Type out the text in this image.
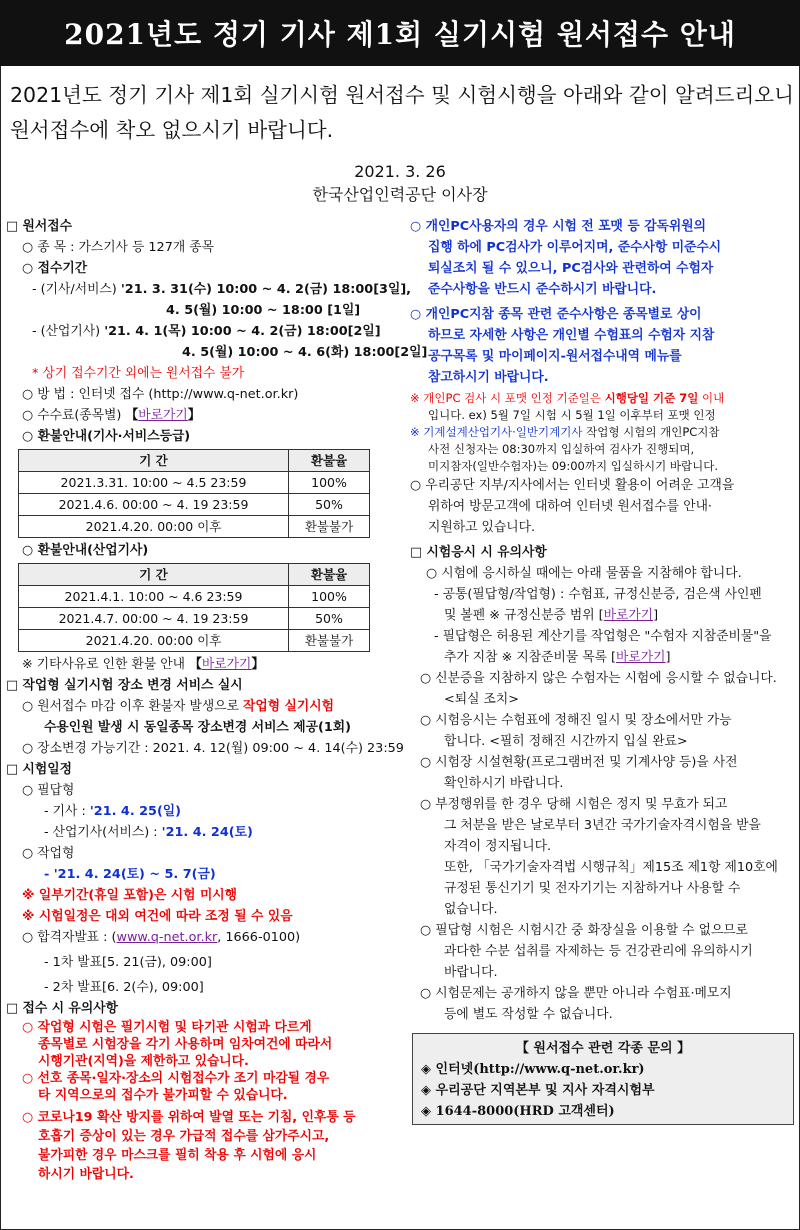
2021년도 정기 기사 제1회 실기시험 원서접수 안내
2021년도 정기 기사 제1회 실기시험 원서접수 및 시험시행을 아래와 같이 알려드리오니 원서접수에 착오 없으시기 바랍니다.
2021. 3. 26
한국산업인력공단 이사장
□ 원서접수
○ 종 목 : 가스기사 등 127개 종목
○ 접수기간
- (기사/서비스) '21. 3. 31(수) 10:00 ~ 4. 2(금) 18:00[3일],
4. 5(월) 10:00 ~ 18:00 [1일]
- (산업기사) '21. 4. 1(목) 10:00 ~ 4. 2(금) 18:00[2일]
4. 5(월) 10:00 ~ 4. 6(화) 18:00[2일]
* 상기 접수기간 외에는 원서접수 불가
○ 방 법 : 인터넷 접수 (http://www.q-net.or.kr)
○ 수수료(종목별) 【바로가기】
○ 환불안내(기사·서비스등급)
기 간	환불율
2021.3.31. 10:00 ~ 4.5 23:59	100%
2021.4.6. 00:00 ~ 4. 19 23:59	50%
2021.4.20. 00:00 이후	환불불가
○ 환불안내(산업기사)
기 간	환불율
2021.4.1. 10:00 ~ 4.6 23:59	100%
2021.4.7. 00:00 ~ 4. 19 23:59	50%
2021.4.20. 00:00 이후	환불불가
※ 기타사유로 인한 환불 안내 【바로가기】
□ 작업형 실기시험 장소 변경 서비스 실시
○ 원서접수 마감 이후 환불자 발생으로 작업형 실기시험
수용인원 발생 시 동일종목 장소변경 서비스 제공(1회)
○ 장소변경 가능기간 : 2021. 4. 12(월) 09:00 ~ 4. 14(수) 23:59
□ 시험일정
○ 필답형
- 기사 : '21. 4. 25(일)
- 산업기사(서비스) : '21. 4. 24(토)
○ 작업형
- '21. 4. 24(토) ~ 5. 7(금)
※ 일부기간(휴일 포함)은 시험 미시행
※ 시험일정은 대외 여건에 따라 조정 될 수 있음
○ 합격자발표 : (www.q-net.or.kr, 1666-0100)
- 1차 발표[5. 21(금), 09:00]
- 2차 발표[6. 2(수), 09:00]
□ 접수 시 유의사항
○ 작업형 시험은 필기시험 및 타기관 시험과 다르게
종목별로 시험장을 각기 사용하며 임차여건에 따라서
시행기관(지역)을 제한하고 있습니다.
○ 선호 종목·일자·장소의 시험접수가 조기 마감될 경우
타 지역으로의 접수가 불가피할 수 있습니다.
○ 코로나19 확산 방지를 위하여 발열 또는 기침, 인후통 등
호흡기 증상이 있는 경우 가급적 접수를 삼가주시고,
불가피한 경우 마스크를 필히 착용 후 시험에 응시
하시기 바랍니다.
○ 개인PC사용자의 경우 시험 전 포맷 등 감독위원의
집행 하에 PC검사가 이루어지며, 준수사항 미준수시
퇴실조치 될 수 있으니, PC검사와 관련하여 수험자
준수사항을 반드시 준수하시기 바랍니다.
○ 개인PC지참 종목 관련 준수사항은 종목별로 상이
하므로 자세한 사항은 개인별 수험표의 수험자 지참
공구목록 및 마이페이지-원서접수내역 메뉴를
참고하시기 바랍니다.
※ 개인PC 검사 시 포맷 인정 기준일은 시행당일 기준 7일 이내
입니다. ex) 5월 7일 시험 시 5월 1일 이후부터 포맷 인정
※ 기계설계산업기사·일반기계기사 작업형 시험의 개인PC지참
사전 신청자는 08:30까지 입실하여 검사가 진행되며,
미지참자(일반수험자)는 09:00까지 입실하시기 바랍니다.
○ 우리공단 지부/지사에서는 인터넷 활용이 어려운 고객을
위하여 방문고객에 대하여 인터넷 원서접수를 안내·
지원하고 있습니다.
□ 시험응시 시 유의사항
○ 시험에 응시하실 때에는 아래 물품을 지참해야 합니다.
- 공통(필답형/작업형) : 수험표, 규정신분증, 검은색 사인펜
및 볼펜 ※ 규정신분증 범위 [바로가기]
- 필답형은 허용된 계산기를 작업형은 "수험자 지참준비물"을
추가 지참 ※ 지참준비물 목록 [바로가기]
○ 신분증을 지참하지 않은 수험자는 시험에 응시할 수 없습니다.
<퇴실 조치>
○ 시험응시는 수험표에 정해진 일시 및 장소에서만 가능
합니다. <필히 정해진 시간까지 입실 완료>
○ 시험장 시설현황(프로그램버전 및 기계사양 등)을 사전
확인하시기 바랍니다.
○ 부정행위를 한 경우 당해 시험은 정지 및 무효가 되고
그 처분을 받은 날로부터 3년간 국가기술자격시험을 받을
자격이 정지됩니다.
또한, 「국가기술자격법 시행규칙」제15조 제1항 제10호에
규정된 통신기기 및 전자기기는 지참하거나 사용할 수
없습니다.
○ 필답형 시험은 시험시간 중 화장실을 이용할 수 없으므로
과다한 수분 섭취를 자제하는 등 건강관리에 유의하시기
바랍니다.
○ 시험문제는 공개하지 않을 뿐만 아니라 수험표·메모지
등에 별도 작성할 수 없습니다.
【 원서접수 관련 각종 문의 】
◈ 인터넷(http://www.q-net.or.kr)
◈ 우리공단 지역본부 및 지사 자격시험부
◈ 1644-8000(HRD 고객센터)
